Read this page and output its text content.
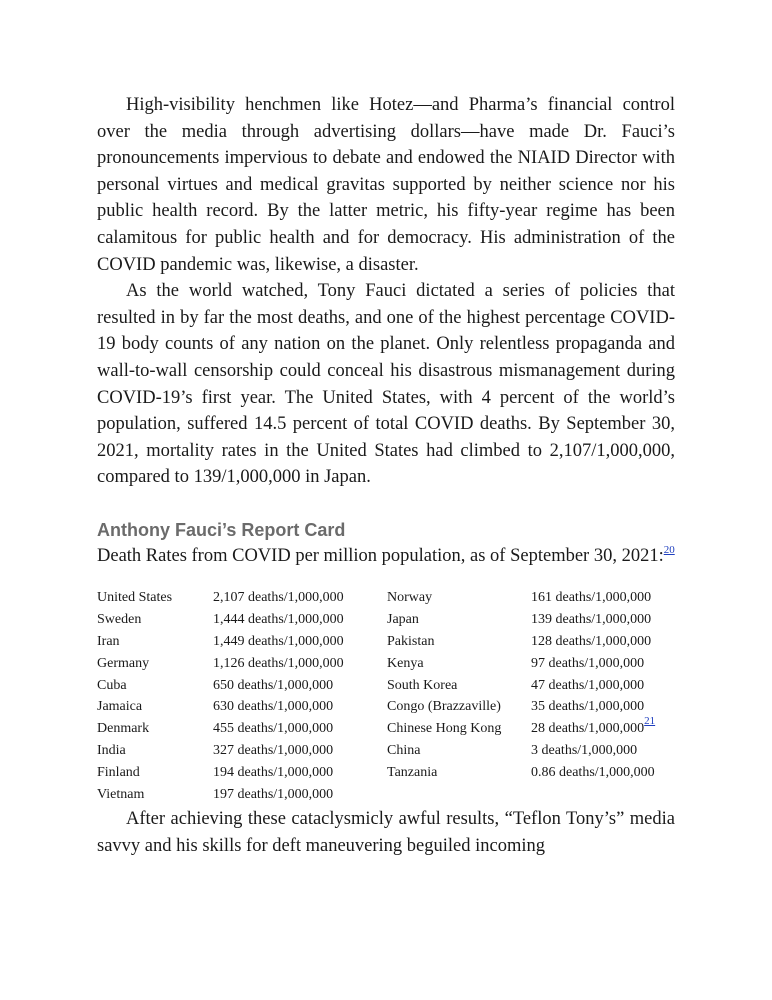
High-visibility henchmen like Hotez—and Pharma’s financial control over the media through advertising dollars—have made Dr. Fauci’s pronouncements impervious to debate and endowed the NIAID Director with personal virtues and medical gravitas supported by neither science nor his public health record. By the latter metric, his fifty-year regime has been calamitous for public health and for democracy. His administration of the COVID pandemic was, likewise, a disaster.

As the world watched, Tony Fauci dictated a series of policies that resulted in by far the most deaths, and one of the highest percentage COVID-19 body counts of any nation on the planet. Only relentless propaganda and wall-to-wall censorship could conceal his disastrous mismanagement during COVID-19’s first year. The United States, with 4 percent of the world’s population, suffered 14.5 percent of total COVID deaths. By September 30, 2021, mortality rates in the United States had climbed to 2,107/1,000,000, compared to 139/1,000,000 in Japan.

Anthony Fauci’s Report Card

Death Rates from COVID per million population, as of September 30, 2021:$^{20}$

United States	2,107 deaths/1,000,000
Sweden	1,444 deaths/1,000,000
Iran	1,449 deaths/1,000,000
Germany	1,126 deaths/1,000,000
Cuba	650 deaths/1,000,000
Jamaica	630 deaths/1,000,000
Denmark	455 deaths/1,000,000
India	327 deaths/1,000,000
Finland	194 deaths/1,000,000
Vietnam	197 deaths/1,000,000
Norway	161 deaths/1,000,000
Japan	139 deaths/1,000,000
Pakistan	128 deaths/1,000,000
Kenya	97 deaths/1,000,000
South Korea	47 deaths/1,000,000
Congo (Brazzaville)	35 deaths/1,000,000
Chinese Hong Kong	28 deaths/1,000,000$^{21}$
China	3 deaths/1,000,000
Tanzania	0.86 deaths/1,000,000

After achieving these cataclysmicly awful results, “Teflon Tony’s” media savvy and his skills for deft maneuvering beguiled incoming
